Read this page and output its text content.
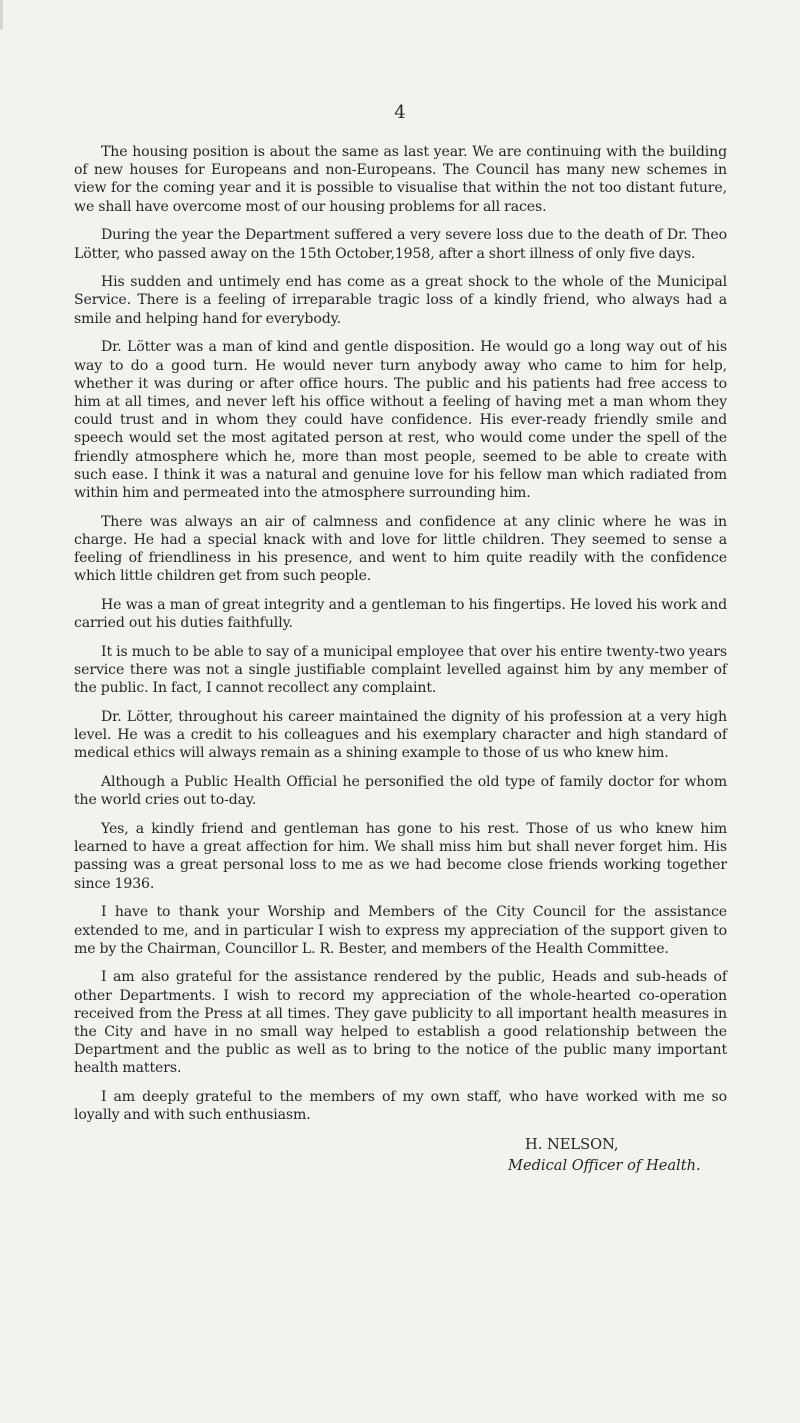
4

The housing position is about the same as last year. We are continuing with the building of new houses for Europeans and non-Europeans. The Council has many new schemes in view for the coming year and it is possible to visualise that within the not too distant future, we shall have overcome most of our housing problems for all races.

During the year the Department suffered a very severe loss due to the death of Dr. Theo Lötter, who passed away on the 15th October,1958, after a short illness of only five days.

His sudden and untimely end has come as a great shock to the whole of the Municipal Service. There is a feeling of irreparable tragic loss of a kindly friend, who always had a smile and helping hand for everybody.

Dr. Lötter was a man of kind and gentle disposition. He would go a long way out of his way to do a good turn. He would never turn anybody away who came to him for help, whether it was during or after office hours. The public and his patients had free access to him at all times, and never left his office without a feeling of having met a man whom they could trust and in whom they could have confidence. His ever-ready friendly smile and speech would set the most agitated person at rest, who would come under the spell of the friendly atmosphere which he, more than most people, seemed to be able to create with such ease. I think it was a natural and genuine love for his fellow man which radiated from within him and permeated into the atmosphere surrounding him.

There was always an air of calmness and confidence at any clinic where he was in charge. He had a special knack with and love for little children. They seemed to sense a feeling of friendliness in his presence, and went to him quite readily with the confidence which little children get from such people.

He was a man of great integrity and a gentleman to his fingertips. He loved his work and carried out his duties faithfully.

It is much to be able to say of a municipal employee that over his entire twenty-two years service there was not a single justifiable complaint levelled against him by any member of the public. In fact, I cannot recollect any complaint.

Dr. Lötter, throughout his career maintained the dignity of his profession at a very high level. He was a credit to his colleagues and his exemplary character and high standard of medical ethics will always remain as a shining example to those of us who knew him.

Although a Public Health Official he personified the old type of family doctor for whom the world cries out to-day.

Yes, a kindly friend and gentleman has gone to his rest. Those of us who knew him learned to have a great affection for him. We shall miss him but shall never forget him. His passing was a great personal loss to me as we had become close friends working together since 1936.

I have to thank your Worship and Members of the City Council for the assistance extended to me, and in particular I wish to express my appreciation of the support given to me by the Chairman, Councillor L. R. Bester, and members of the Health Committee.

I am also grateful for the assistance rendered by the public, Heads and sub-heads of other Departments. I wish to record my appreciation of the whole-hearted co-operation received from the Press at all times. They gave publicity to all important health measures in the City and have in no small way helped to establish a good relationship between the Department and the public as well as to bring to the notice of the public many important health matters.

I am deeply grateful to the members of my own staff, who have worked with me so loyally and with such enthusiasm.

H. NELSON,
Medical Officer of Health.
